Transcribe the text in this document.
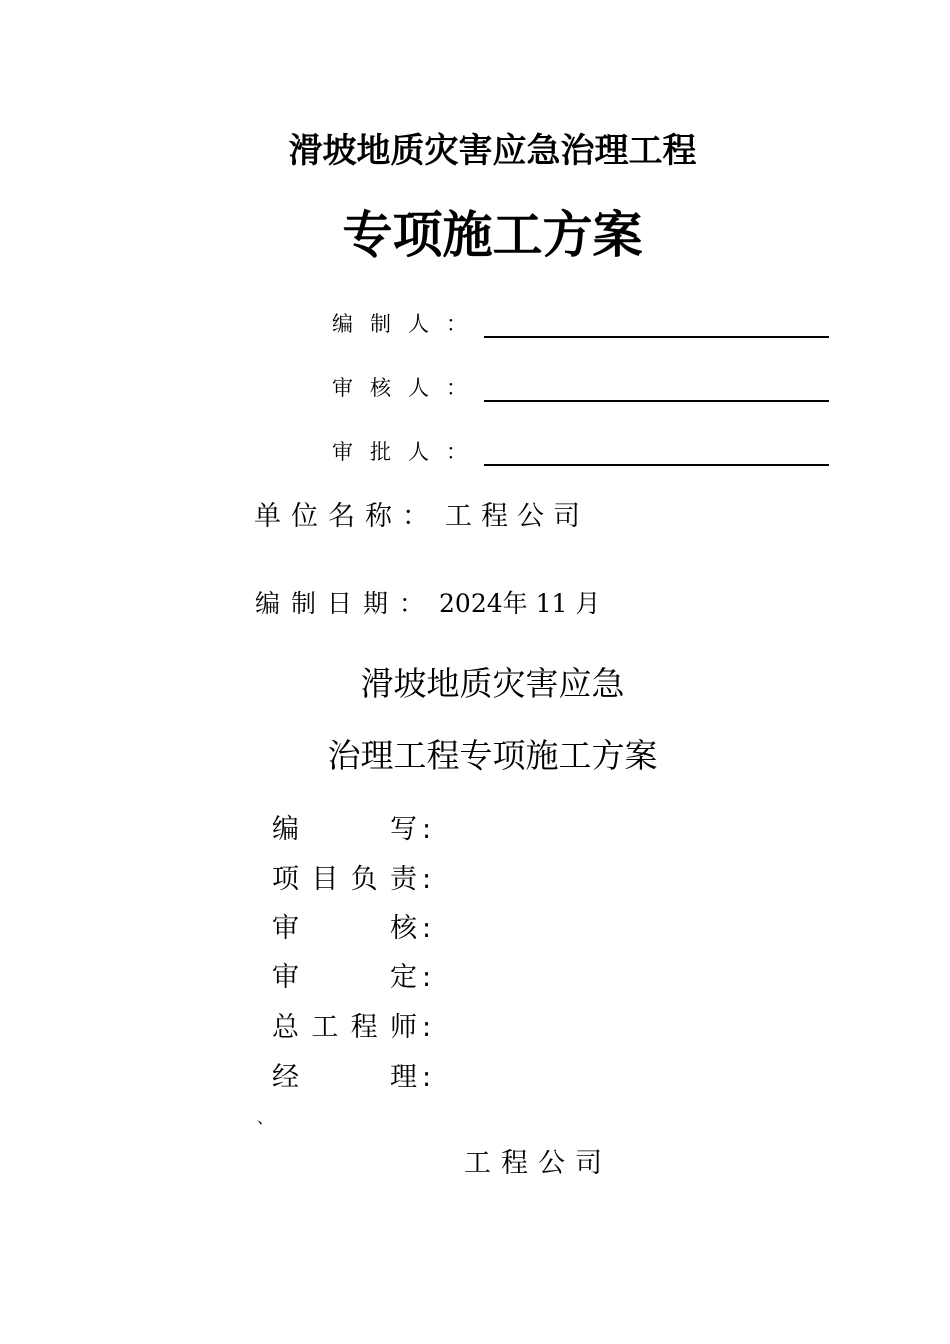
滑坡地质灾害应急治理工程
专项施工方案
编制人：
审核人：
审批人：
单位名称： 工程公司
编制日期： 2024年 11 月
滑坡地质灾害应急
治理工程专项施工方案
编	写 :
项 目 负 责 :
审	核 :
审	定 :
总 工 程 师 :
经	理 :
、
工程公司
